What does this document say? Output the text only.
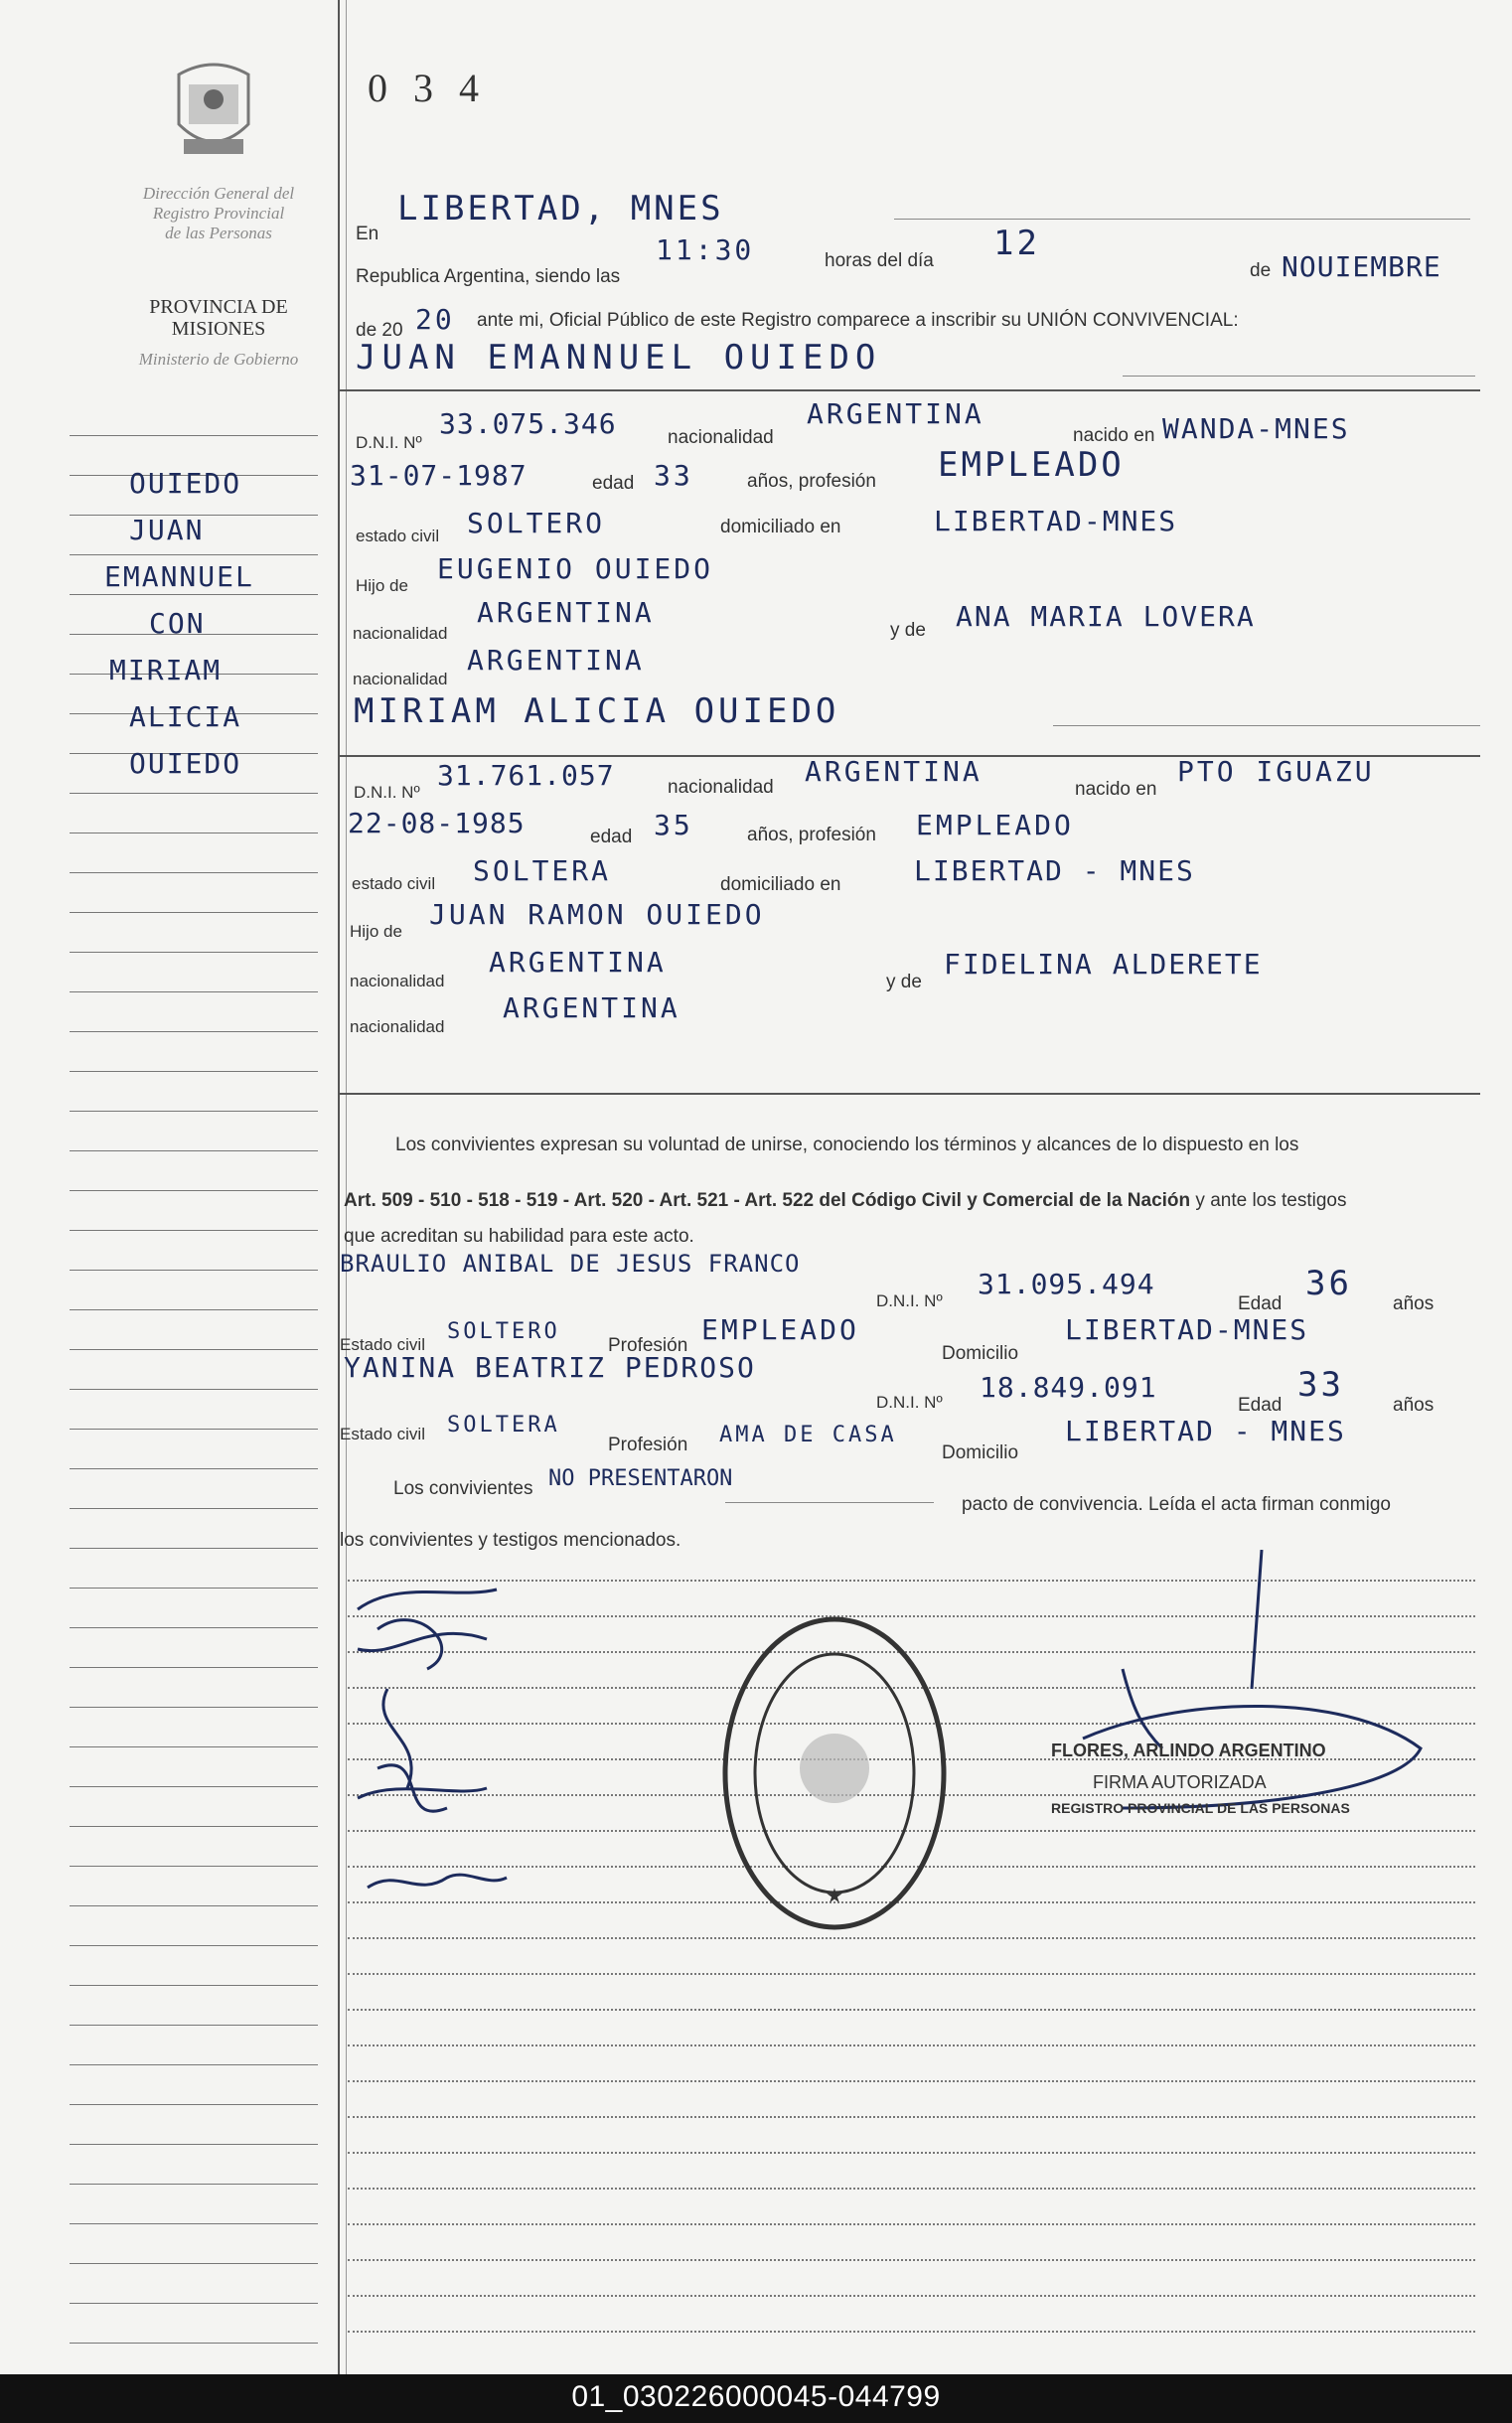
Dirección General del
Registro Provincial
de las Personas
PROVINCIA DE
MISIONES
Ministerio de Gobierno
OUIEDO
JUAN
EMANNUEL
CON
MIRIAM
ALICIA
OUIEDO
0 3 4
En
LIBERTAD, MNES
Republica Argentina, siendo las
11:30	horas del día 12
de NOUIEMBRE
de 20 20 ante mi, Oficial Público de este Registro comparece a inscribir su UNIÓN CONVIVENCIAL:
JUAN EMANNUEL OUIEDO
D.N.I. Nº
33.075.346	nacionalidad
ARGENTINA
nacido en WANDA-MNES
31-07-1987	edad 33	años, profesión EMPLEADO
estado civil SOLTERO	domiciliado en	LIBERTAD-MNES
Hijo de
EUGENIO OUIEDO
nacionalidad
ARGENTINA
y de ANA MARIA LOVERA
nacionalidad
ARGENTINA
MIRIAM ALICIA OUIEDO
D.N.I. Nº
31.761.057	nacionalidad ARGENTINA
nacido en
PTO IGUAZU
22-08-1985	edad 35	años, profesión EMPLEADO
estado civil SOLTERA	domiciliado en	LIBERTAD - MNES
Hijo de
JUAN RAMON OUIEDO
nacionalidad
ARGENTINA
y de
FIDELINA ALDERETE
nacionalidad
ARGENTINA
Los convivientes expresan su voluntad de unirse, conociendo los términos y alcances de lo dispuesto en los
Art. 509 - 510 - 518 - 519 - Art. 520 - Art. 521 - Art. 522 del Código Civil y Comercial de la Nación y ante los testigos
que acreditan su habilidad para este acto.
BRAULIO ANIBAL DE JESUS FRANCO
D.N.I. Nº
31.095.494
Edad
36
años
Estado civil
SOLTERO
Profesión EMPLEADO
Domicilio
LIBERTAD-MNES
YANINA BEATRIZ PEDROSO
D.N.I. Nº 18.849.091
Edad
33
años
Estado civil SOLTERA
Profesión AMA DE CASA
Domicilio
LIBERTAD - MNES
Los convivientes NO PRESENTARON
pacto de convivencia. Leída el acta firman conmigo
los convivientes y testigos mencionados.
★
FLORES, ARLINDO ARGENTINO
FIRMA AUTORIZADA
REGISTRO PROVINCIAL DE LAS PERSONAS
01_030226000045-044799
